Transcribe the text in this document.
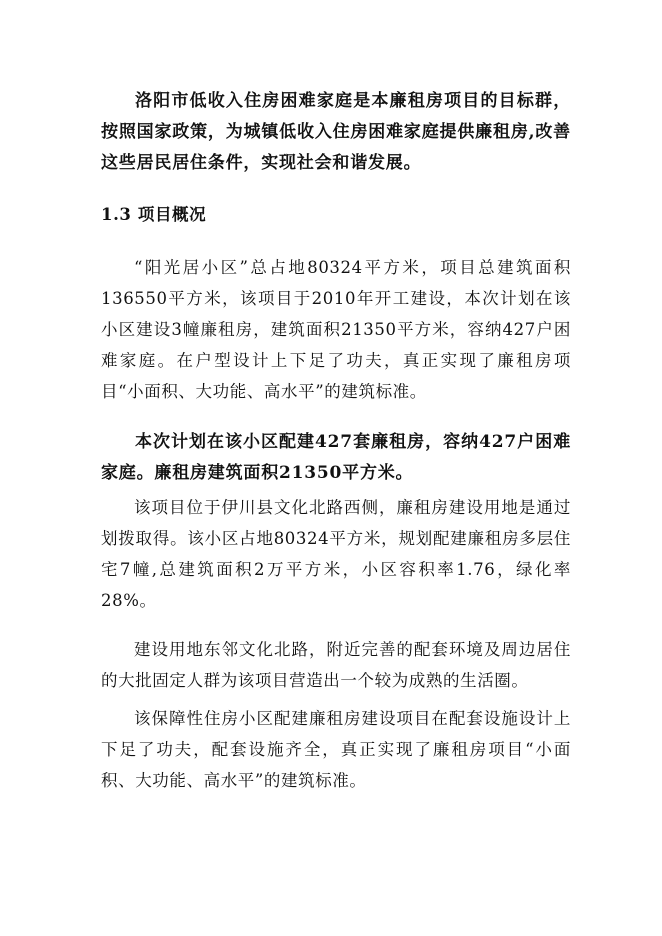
洛阳市低收入住房困难家庭是本廉租房项目的目标群，按照国家政策，为城镇低收入住房困难家庭提供廉租房,改善这些居民居住条件，实现社会和谐发展。

1.3 项目概况

“阳光居小区”总占地80324平方米，项目总建筑面积136550平方米，该项目于2010年开工建设，本次计划在该小区建设3幢廉租房，建筑面积21350平方米，容纳427户困难家庭。在户型设计上下足了功夫，真正实现了廉租房项目“小面积、大功能、高水平”的建筑标准。

本次计划在该小区配建427套廉租房，容纳427户困难家庭。廉租房建筑面积21350平方米。

该项目位于伊川县文化北路西侧，廉租房建设用地是通过划拨取得。该小区占地80324平方米，规划配建廉租房多层住宅7幢,总建筑面积2万平方米，小区容积率1.76，绿化率28%。

建设用地东邻文化北路，附近完善的配套环境及周边居住的大批固定人群为该项目营造出一个较为成熟的生活圈。

该保障性住房小区配建廉租房建设项目在配套设施设计上下足了功夫，配套设施齐全，真正实现了廉租房项目“小面积、大功能、高水平”的建筑标准。
